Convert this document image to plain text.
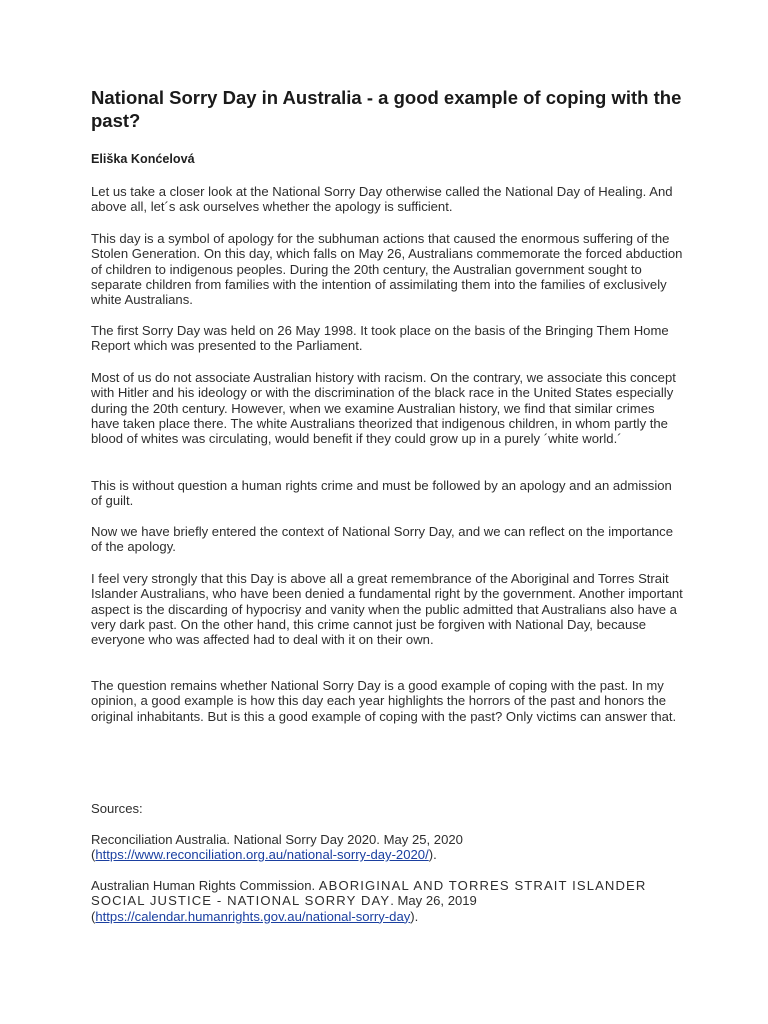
National Sorry Day in Australia - a good example of coping with the past?

Eliška Konćelová

Let us take a closer look at the National Sorry Day otherwise called the National Day of Healing. And above all, let´s ask ourselves whether the apology is sufficient.

This day is a symbol of apology for the subhuman actions that caused the enormous suffering of the Stolen Generation. On this day, which falls on May 26, Australians commemorate the forced abduction of children to indigenous peoples. During the 20th century, the Australian government sought to separate children from families with the intention of assimilating them into the families of exclusively white Australians.

The first Sorry Day was held on 26 May 1998. It took place on the basis of the Bringing Them Home Report which was presented to the Parliament.

Most of us do not associate Australian history with racism. On the contrary, we associate this concept with Hitler and his ideology or with the discrimination of the black race in the United States especially during the 20th century. However, when we examine Australian history, we find that similar crimes have taken place there. The white Australians theorized that indigenous children, in whom partly the blood of whites was circulating, would benefit if they could grow up in a purely ´white world.´

This is without question a human rights crime and must be followed by an apology and an admission of guilt.

Now we have briefly entered the context of National Sorry Day, and we can reflect on the importance of the apology.

I feel very strongly that this Day is above all a great remembrance of the Aboriginal and Torres Strait Islander Australians, who have been denied a fundamental right by the government. Another important aspect is the discarding of hypocrisy and vanity when the public admitted that Australians also have a very dark past. On the other hand, this crime cannot just be forgiven with National Day, because everyone who was affected had to deal with it on their own.

The question remains whether National Sorry Day is a good example of coping with the past. In my opinion, a good example is how this day each year highlights the horrors of the past and honors the original inhabitants. But is this a good example of coping with the past? Only victims can answer that.

Sources:

Reconciliation Australia. National Sorry Day 2020. May 25, 2020
(https://www.reconciliation.org.au/national-sorry-day-2020/).

Australian Human Rights Commission. ABORIGINAL AND TORRES STRAIT ISLANDER SOCIAL JUSTICE - NATIONAL SORRY DAY. May 26, 2019
(https://calendar.humanrights.gov.au/national-sorry-day).
